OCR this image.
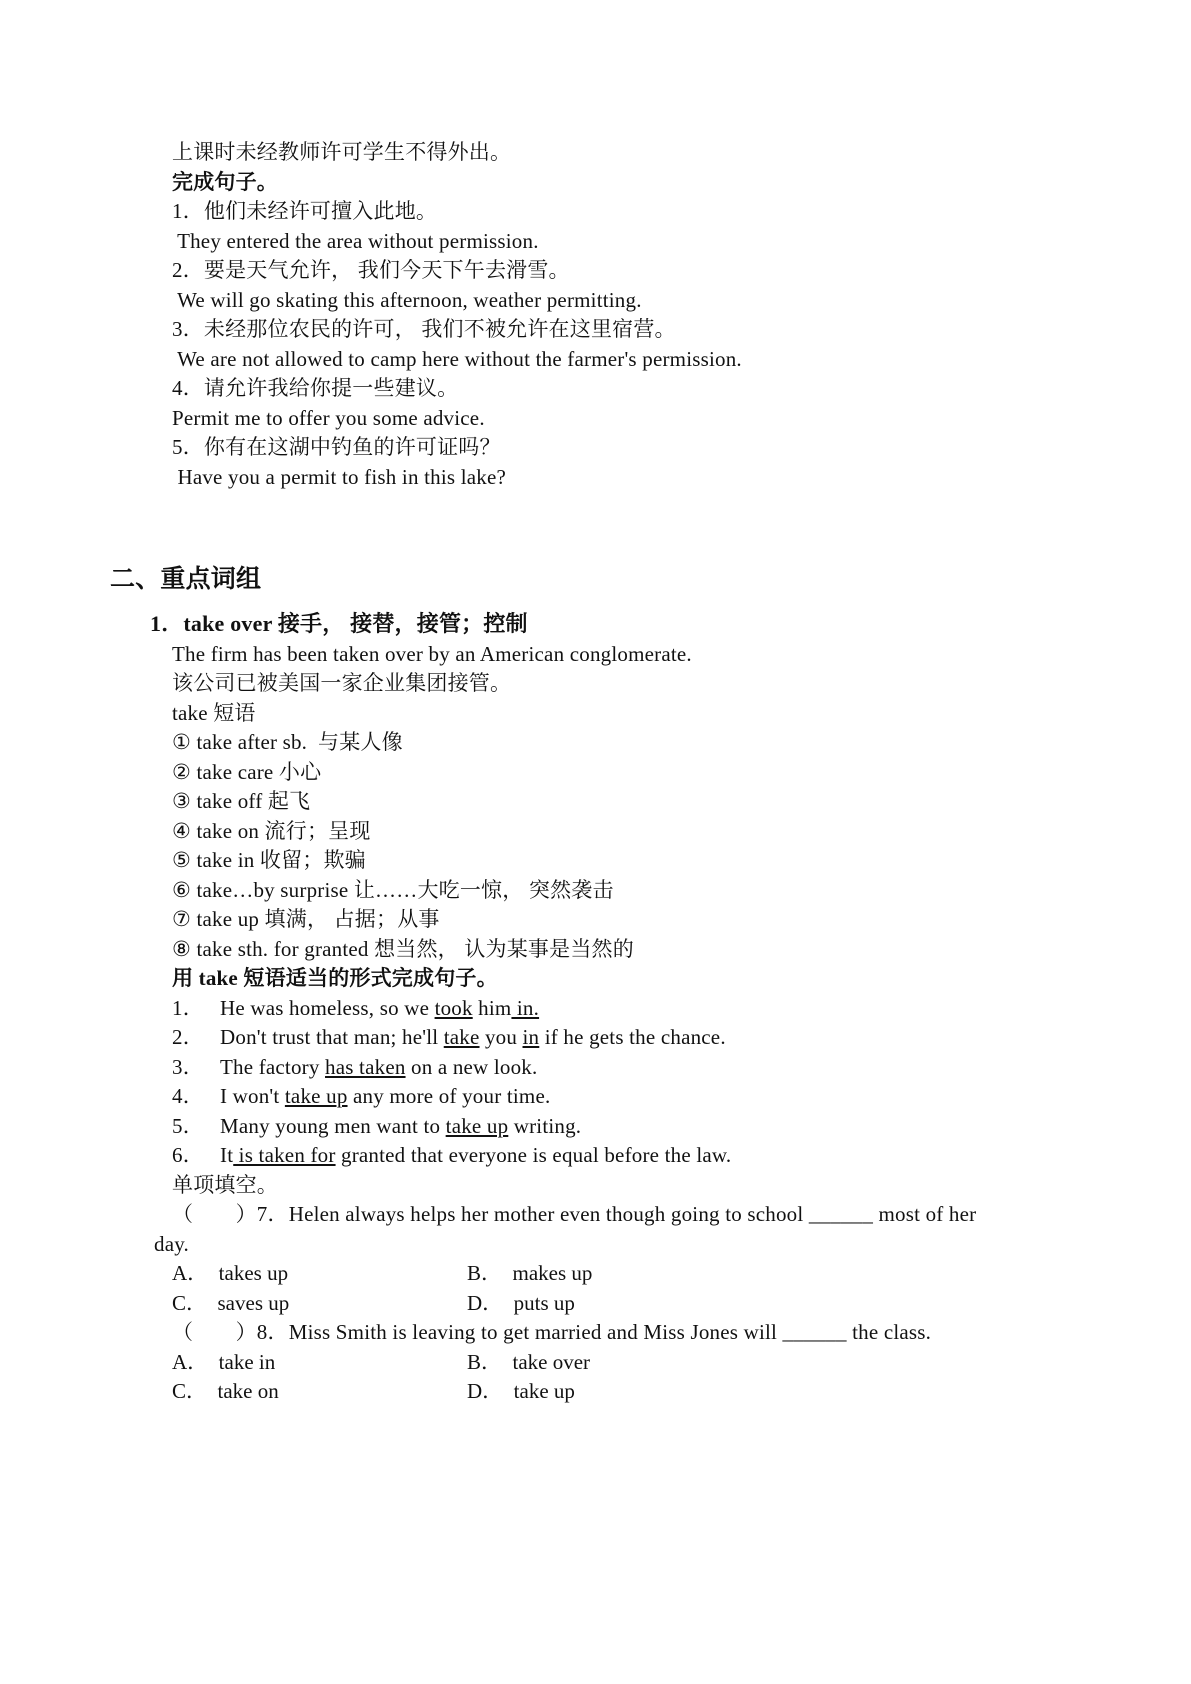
上课时未经教师许可学生不得外出。
完成句子。
1．他们未经许可擅入此地。
They entered the area without permission.
2．要是天气允许， 我们今天下午去滑雪。
We will go skating this afternoon, weather permitting.
3．未经那位农民的许可， 我们不被允许在这里宿营。
We are not allowed to camp here without the farmer's permission.
4．请允许我给你提一些建议。
Permit me to offer you some advice.
5．你有在这湖中钓鱼的许可证吗？
Have you a permit to fish in this lake?
二、重点词组
1．take over 接手， 接替，接管；控制
The firm has been taken over by an American conglomerate.
该公司已被美国一家企业集团接管。
take 短语
① take after sb.  与某人像
② take care 小心
③ take off 起飞
④ take on 流行；呈现
⑤ take in 收留；欺骗
⑥ take…by surprise 让……大吃一惊， 突然袭击
⑦ take up 填满， 占据；从事
⑧ take sth. for granted 想当然， 认为某事是当然的
用 take 短语适当的形式完成句子。
1． He was homeless, so we took him in.
2． Don't trust that man; he'll take you in if he gets the chance.
3． The factory has taken on a new look.
4． I won't take up any more of your time.
5． Many young men want to take up writing.
6． It is taken for granted that everyone is equal before the law.
单项填空。
（　　）7．Helen always helps her mother even though going to school ______ most of her
day.
A．  takes up	B．  makes up
C．  saves up	D．  puts up
（　　）8．Miss Smith is leaving to get married and Miss Jones will ______ the class.
A．  take in	B．  take over
C．  take on	D．  take up
